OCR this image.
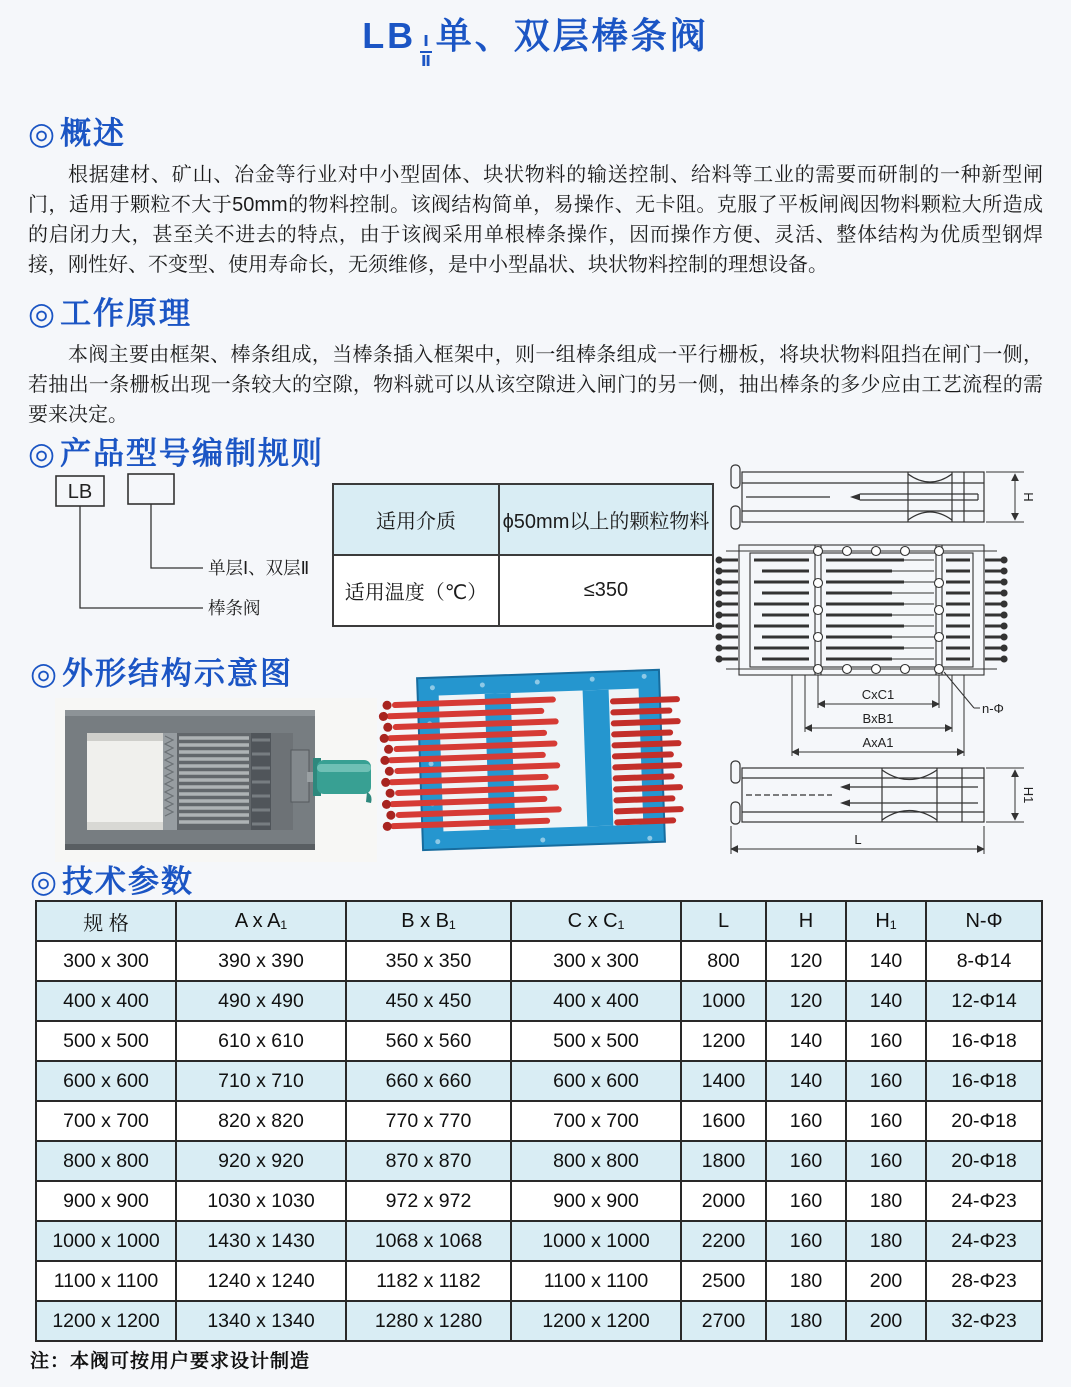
LB $\frac{\text{Ⅰ}}{\text{Ⅱ}}$ 单、双层棒条阀
◎概述

根据建材、矿山、冶金等行业对中小型固体、块状物料的输送控制、给料等工业的需要而研制的一种新型闸门，适用于颗粒不大于50mm的物料控制。该阀结构简单，易操作、无卡阻。克服了平板闸阀因物料颗粒大所造成的启闭力大，甚至关不进去的特点，由于该阀采用单根棒条操作，因而操作方便、灵活、整体结构为优质型钢焊接，刚性好、不变型、使用寿命长，无须维修，是中小型晶状、块状物料控制的理想设备。

◎工作原理

本阀主要由框架、棒条组成，当棒条插入框架中，则一组棒条组成一平行栅板，将块状物料阻挡在闸门一侧，若抽出一条栅板出现一条较大的空隙，物料就可以从该空隙进入闸门的另一侧，抽出棒条的多少应由工艺流程的需要来决定。

◎产品型号编制规则
LB
单层Ⅰ、双层Ⅱ
棒条阀
适用介质	ϕ50mm以上的颗粒物料
适用温度（℃）	≤350
H
CxC1
BxB1
AxA1
n-Φ
H1
L
◎外形结构示意图
◎技术参数
规 格	A x A₁	B x B₁	C x C₁	L	H	H₁	N-Φ
300 x 300	390 x 390	350 x 350	300 x 300	800	120	140	8-Φ14
400 x 400	490 x 490	450 x 450	400 x 400	1000	120	140	12-Φ14
500 x 500	610 x 610	560 x 560	500 x 500	1200	140	160	16-Φ18
600 x 600	710 x 710	660 x 660	600 x 600	1400	140	160	16-Φ18
700 x 700	820 x 820	770 x 770	700 x 700	1600	160	160	20-Φ18
800 x 800	920 x 920	870 x 870	800 x 800	1800	160	160	20-Φ18
900 x 900	1030 x 1030	972 x 972	900 x 900	2000	160	180	24-Φ23
1000 x 1000	1430 x 1430	1068 x 1068	1000 x 1000	2200	160	180	24-Φ23
1100 x 1100	1240 x 1240	1182 x 1182	1100 x 1100	2500	180	200	28-Φ23
1200 x 1200	1340 x 1340	1280 x 1280	1200 x 1200	2700	180	200	32-Φ23
注：本阀可按用户要求设计制造
